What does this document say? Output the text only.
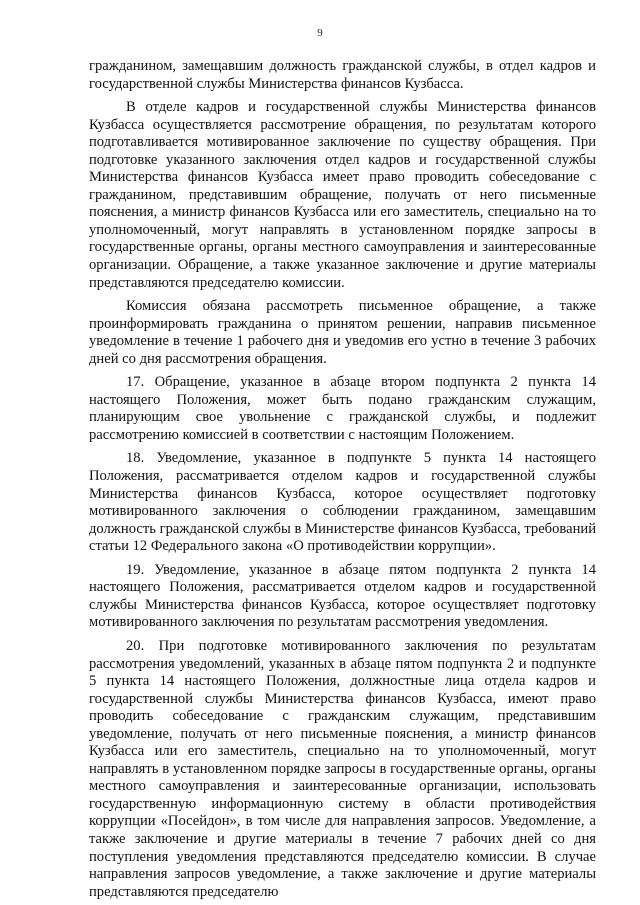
9

гражданином, замещавшим должность гражданской службы, в отдел кадров и государственной службы Министерства финансов Кузбасса.

В отделе кадров и государственной службы Министерства финансов Кузбасса осуществляется рассмотрение обращения, по результатам которого подготавливается мотивированное заключение по существу обращения. При подготовке указанного заключения отдел кадров и государственной службы Министерства финансов Кузбасса имеет право проводить собеседование с гражданином, представившим обращение, получать от него письменные пояснения, а министр финансов Кузбасса или его заместитель, специально на то уполномоченный, могут направлять в установленном порядке запросы в государственные органы, органы местного самоуправления и заинтересованные организации. Обращение, а также указанное заключение и другие материалы представляются председателю комиссии.

Комиссия обязана рассмотреть письменное обращение, а также проинформировать гражданина о принятом решении, направив письменное уведомление в течение 1 рабочего дня и уведомив его устно в течение 3 рабочих дней со дня рассмотрения обращения.

17. Обращение, указанное в абзаце втором подпункта 2 пункта 14 настоящего Положения, может быть подано гражданским служащим, планирующим свое увольнение с гражданской службы, и подлежит рассмотрению комиссией в соответствии с настоящим Положением.

18. Уведомление, указанное в подпункте 5 пункта 14 настоящего Положения, рассматривается отделом кадров и государственной службы Министерства финансов Кузбасса, которое осуществляет подготовку мотивированного заключения о соблюдении гражданином, замещавшим должность гражданской службы в Министерстве финансов Кузбасса, требований статьи 12 Федерального закона «О противодействии коррупции».

19. Уведомление, указанное в абзаце пятом подпункта 2 пункта 14 настоящего Положения, рассматривается отделом кадров и государственной службы Министерства финансов Кузбасса, которое осуществляет подготовку мотивированного заключения по результатам рассмотрения уведомления.

20. При подготовке мотивированного заключения по результатам рассмотрения уведомлений, указанных в абзаце пятом подпункта 2 и подпункте 5 пункта 14 настоящего Положения, должностные лица отдела кадров и государственной службы Министерства финансов Кузбасса, имеют право проводить собеседование с гражданским служащим, представившим уведомление, получать от него письменные пояснения, а министр финансов Кузбасса или его заместитель, специально на то уполномоченный, могут направлять в установленном порядке запросы в государственные органы, органы местного самоуправления и заинтересованные организации, использовать государственную информационную систему в области противодействия коррупции «Посейдон», в том числе для направления запросов. Уведомление, а также заключение и другие материалы в течение 7 рабочих дней со дня поступления уведомления представляются председателю комиссии. В случае направления запросов уведомление, а также заключение и другие материалы представляются председателю
